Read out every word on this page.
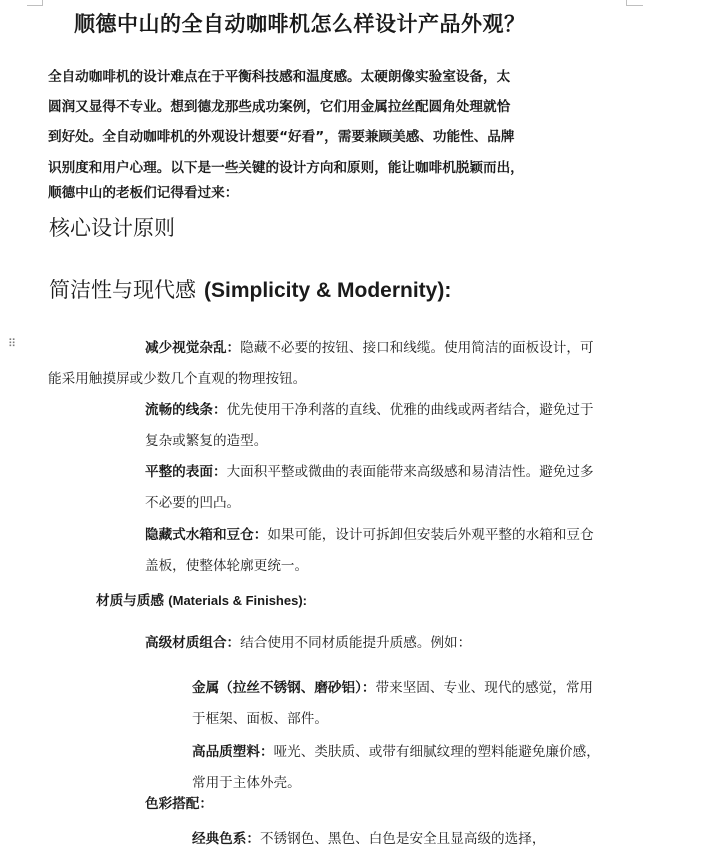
顺德中山的全自动咖啡机怎么样设计产品外观？

全自动咖啡机的设计难点在于平衡科技感和温度感。太硬朗像实验室设备，太

圆润又显得不专业。想到德龙那些成功案例，它们用金属拉丝配圆角处理就恰

到好处。全自动咖啡机的外观设计想要“好看”，需要兼顾美感、功能性、品牌

识别度和用户心理。以下是一些关键的设计方向和原则，能让咖啡机脱颖而出，

顺德中山的老板们记得看过来：

核心设计原则
简洁性与现代感 (Simplicity & Modernity):
⠿	减少视觉杂乱：隐藏不必要的按钮、接口和线缆。使用简洁的面板设计，可能采用触摸屏或少数几个直观的物理按钮。
流畅的线条：优先使用干净利落的直线、优雅的曲线或两者结合，避免过于复杂或繁复的造型。
平整的表面：大面积平整或微曲的表面能带来高级感和易清洁性。避免过多不必要的凹凸。
隐藏式水箱和豆仓：如果可能，设计可拆卸但安装后外观平整的水箱和豆仓盖板，使整体轮廓更统一。
材质与质感 (Materials & Finishes):
高级材质组合：结合使用不同材质能提升质感。例如：
金属（拉丝不锈钢、磨砂铝）：带来坚固、专业、现代的感觉，常用于框架、面板、部件。
高品质塑料：哑光、类肤质、或带有细腻纹理的塑料能避免廉价感，常用于主体外壳。
色彩搭配：
经典色系：不锈钢色、黑色、白色是安全且显高级的选择，
